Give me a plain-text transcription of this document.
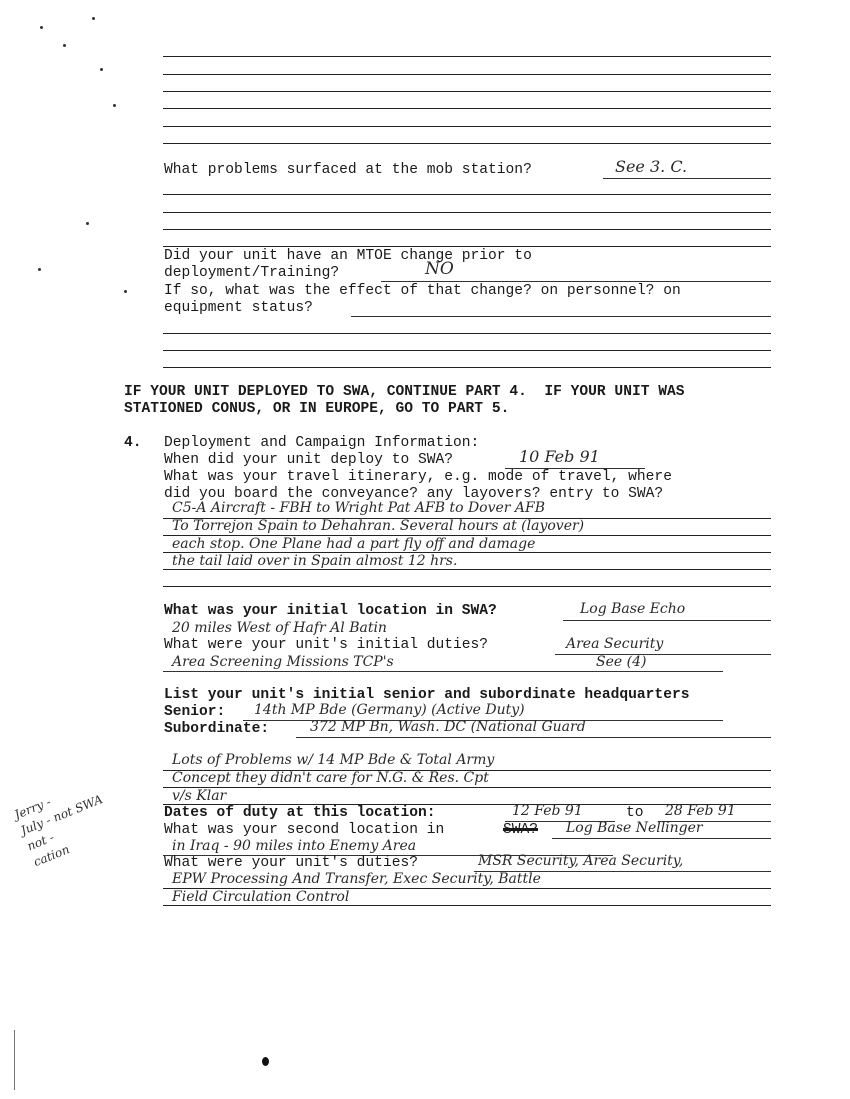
What problems surfaced at the mob station?	See 3. C.
Did your unit have an MTOE change prior to
deployment/Training?	NO
If so, what was the effect of that change? on personnel? on
equipment status?
IF YOUR UNIT DEPLOYED TO SWA, CONTINUE PART 4.  IF YOUR UNIT WAS
STATIONED CONUS, OR IN EUROPE, GO TO PART 5.
4. Deployment and Campaign Information:
When did your unit deploy to SWA?	10 Feb 91
What was your travel itinerary, e.g. mode of travel, where
did you board the conveyance? any layovers? entry to SWA?
C5-A Aircraft - FBH to Wright Pat AFB to Dover AFB
To Torrejon Spain to Dehahran. Several hours at (layover)
each stop. One Plane had a part fly off and damage
the tail laid over in Spain almost 12 hrs.
What was your initial location in SWA?	Log Base Echo
20 miles West of Hafr Al Batin
What were your unit's initial duties?	Area Security
Area Screening Missions TCP's	See (4)
List your unit's initial senior and subordinate headquarters
Senior: 14th MP Bde (Germany) (Active Duty)
Subordinate:	372 MP Bn, Wash. DC (National Guard
Lots of Problems w/ 14 MP Bde & Total Army
Concept they didn't care for N.G. & Res. Cpt
v/s Klar
Dates of duty at this location:	12 Feb 91	to 28 Feb 91
What was your second location in	SWA? Log Base Nellinger
in Iraq - 90 miles into Enemy Area
What were your unit's duties?	MSR Security, Area Security,
EPW Processing And Transfer, Exec Security, Battle
Field Circulation Control
Jerry -
July - not SWA
not -
cation
